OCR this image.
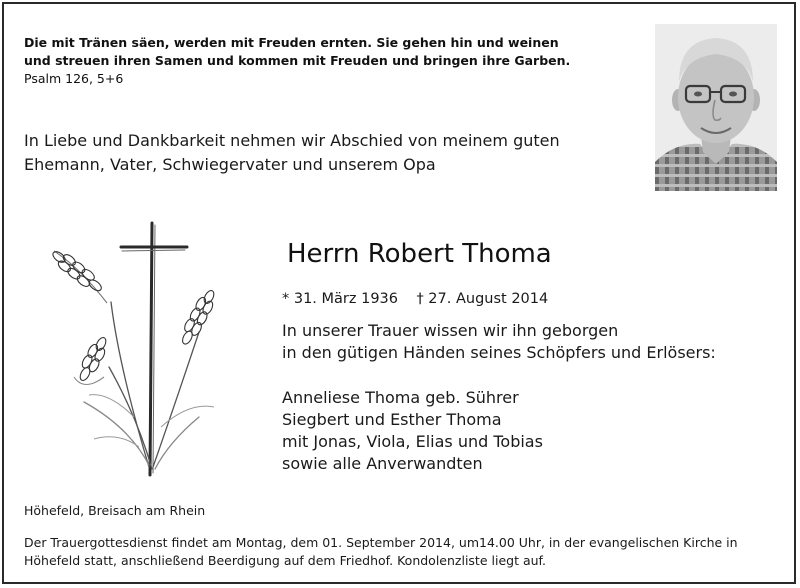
Die mit Tränen säen, werden mit Freuden ernten. Sie gehen hin und weinen
und streuen ihren Samen und kommen mit Freuden und bringen ihre Garben.
Psalm 126, 5+6
In Liebe und Dankbarkeit nehmen wir Abschied von meinem guten
Ehemann, Vater, Schwiegervater und unserem Opa
Herrn Robert Thoma
* 31. März 1936 † 27. August 2014
In unserer Trauer wissen wir ihn geborgen
in den gütigen Händen seines Schöpfers und Erlösers:
Anneliese Thoma geb. Sührer
Siegbert und Esther Thoma
mit Jonas, Viola, Elias und Tobias
sowie alle Anverwandten
Höhefeld, Breisach am Rhein
Der Trauergottesdienst findet am Montag, dem 01. September 2014, um14.00 Uhr, in der evangelischen Kirche in
Höhefeld statt, anschließend Beerdigung auf dem Friedhof. Kondolenzliste liegt auf.
